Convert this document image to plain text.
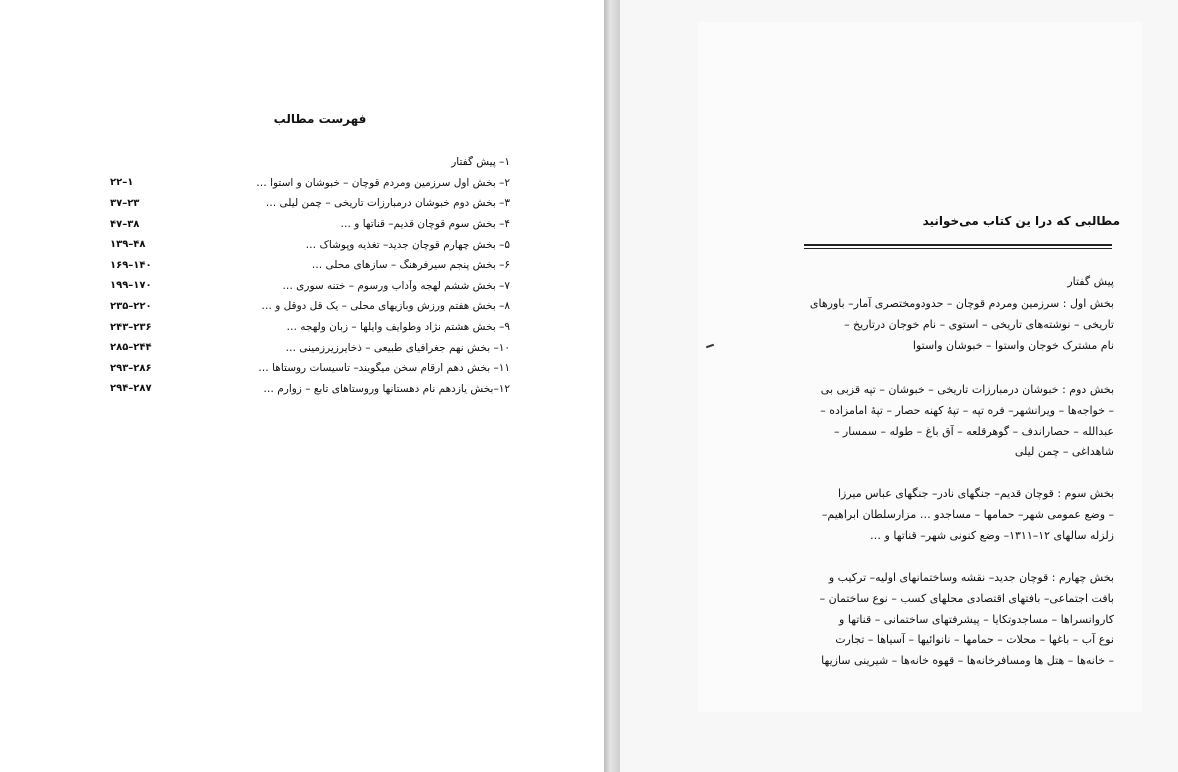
فهرست مطالب
۱– پیش گفتار
۲– بخش اول سرزمین ومردم قوچان – خبوشان و استوا …
۲۲–۱
۳– بخش دوم خبوشان درمبارزات تاریخی – چمن لیلی …
۳۷–۲۳
۴– بخش سوم قوچان قدیم– قناتها و …
۴۷–۳۸
۵– بخش چهارم قوچان جدید– تغذیه وپوشاک …
۱۳۹–۴۸
۶– بخش پنجم سیرفرهنگ – سازهای محلی …
۱۶۹–۱۴۰
۷– بخش ششم لهجه وآداب ورسوم – ختنه سوری …
۱۹۹–۱۷۰
۸– بخش هفتم ورزش وبازیهای محلی – یک قل دوقل و …
۲۳۵–۲۲۰
۹– بخش هشتم نژاد وطوایف وایلها – زبان ولهجه …
۲۴۳–۲۳۶
۱۰– بخش نهم جغرافیای طبیعی – ذخایرزیرزمینی …
۲۸۵–۲۴۴
۱۱– بخش دهم ارقام سخن میگویند– تاسیسات روستاها …
۲۹۳–۲۸۶
۱۲–بخش یازدهم نام دهستانها وروستاهای تابع – زوارم …
۲۹۴–۲۸۷
مطالبی که درا ین کتاب می‌خوانید
پیش گفتار
بخش اول : سرزمین ومردم قوچان – حدودومختصری آمار– باورهای
تاریخی – نوشته‌های تاریخی – استوی – نام خوجان درتاریخ –
نام مشترک خوجان واستوا – خبوشان واستوا
بخش دوم : خبوشان درمبارزات تاریخی – خبوشان – تپه قزبی بی
– خواجه‌ها – ویرانشهر– فره تپه – تپهٔ کهنه حصار – تپهٔ امامزاده –
عبدالله – حصاراندف – گوهرقلعه – آق باغ – طوله – سمسار –
شاهداغی – چمن لیلی
بخش سوم : قوچان قدیم– جنگهای نادر– جنگهای عباس میرزا
– وضع عمومی شهر– حمامها – مساجدو … مزارسلطان ابراهیم–
زلزله سالهای ۱۲–۱۳۱۱– وضع کنونی شهر– قناتها و …
بخش چهارم : قوچان جدید– نقشه وساختمانهای اولیه– ترکیب و
بافت اجتماعی– بافتهای اقتصادی محلهای کسب – نوع ساختمان –
کاروانسراها – مساجدوتکایا – پیشرفتهای ساختمانی – قناتها و
نوع آب – باغها – محلات – حمامها – نانوائیها – آسیاها – تجارت
– خانه‌ها – هتل ها ومسافرخانه‌ها – قهوه خانه‌ها – شیرینی سازیها
